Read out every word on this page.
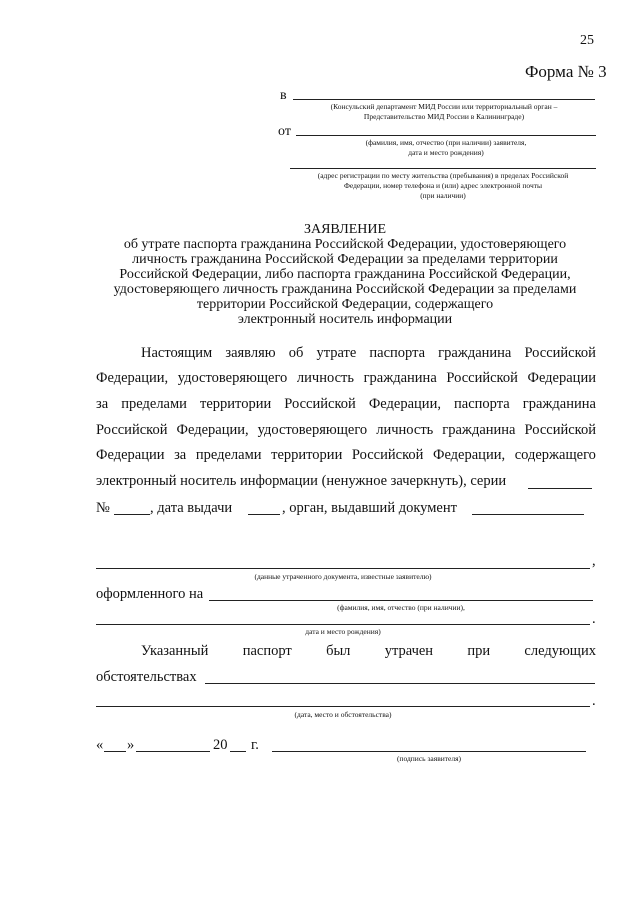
25
Форма № 3
в
(Консульский департамент МИД России или территориальный орган –
Представительство МИД России в Калининграде)
от
(фамилия, имя, отчество (при наличии) заявителя,
дата и место рождения)
(адрес регистрации по месту жительства (пребывания) в пределах Российской
Федерации, номер телефона и (или) адрес электронной почты
(при наличии)
ЗАЯВЛЕНИЕ
об утрате паспорта гражданина Российской Федерации, удостоверяющего
личность гражданина Российской Федерации за пределами территории
Российской Федерации, либо паспорта гражданина Российской Федерации,
удостоверяющего личность гражданина Российской Федерации за пределами
территории Российской Федерации, содержащего
электронный носитель информации
Настоящим заявляю об утрате паспорта гражданина Российской
Федерации, удостоверяющего личность гражданина Российской Федерации
за пределами территории Российской Федерации, паспорта гражданина
Российской Федерации, удостоверяющего личность гражданина Российской
Федерации за пределами территории Российской Федерации, содержащего
электронный носитель информации (ненужное зачеркнуть), серии
№	, дата выдачи	, орган, выдавший документ
,
(данные утраченного документа, известные заявителю)
оформленного на
(фамилия, имя, отчество (при наличии),
.
дата и место рождения)
Указанный паспорт был утрачен при следующих
обстоятельствах
.
(дата, место и обстоятельства)
« »	20 г.
(подпись заявителя)
